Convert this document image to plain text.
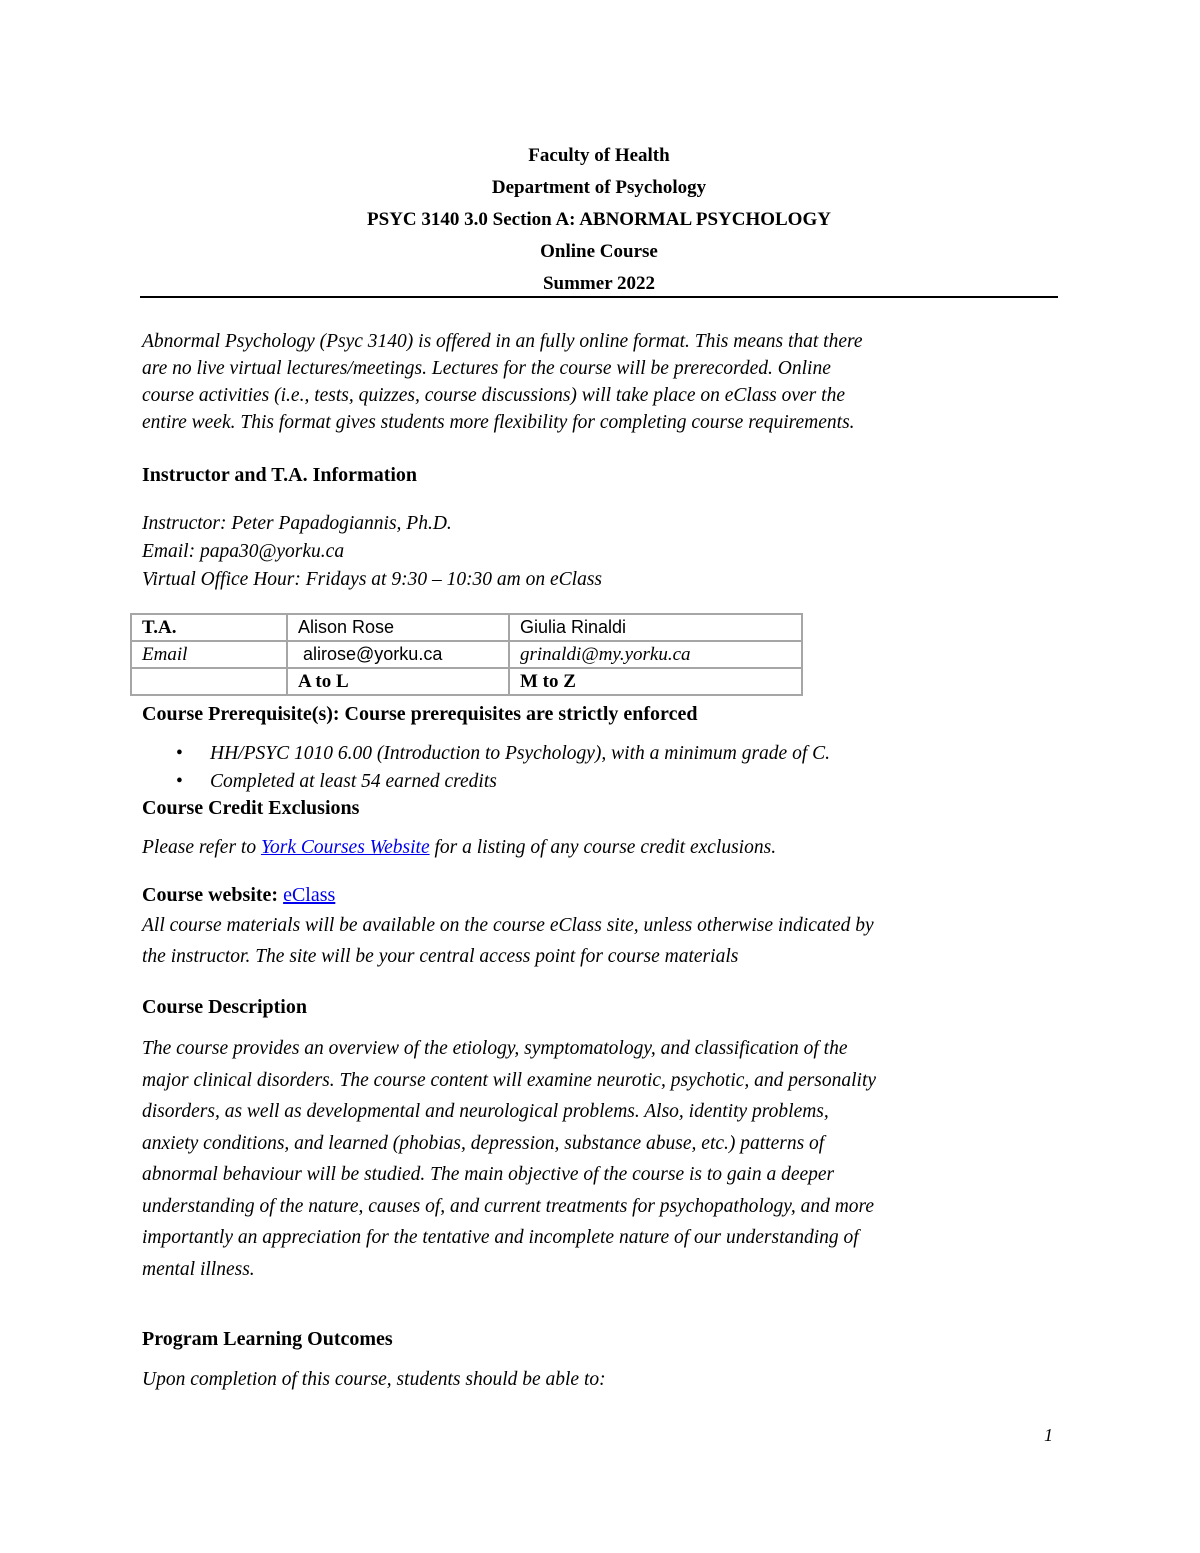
Faculty of Health
Department of Psychology
PSYC 3140 3.0 Section A: ABNORMAL PSYCHOLOGY
Online Course
Summer 2022
Abnormal Psychology (Psyc 3140) is offered in an fully online format. This means that there
are no live virtual lectures/meetings. Lectures for the course will be prerecorded. Online
course activities (i.e., tests, quizzes, course discussions) will take place on eClass over the
entire week. This format gives students more flexibility for completing course requirements.
Instructor and T.A. Information
Instructor: Peter Papadogiannis, Ph.D.
Email: papa30@yorku.ca
Virtual Office Hour: Fridays at 9:30 – 10:30 am on eClass
T.A.	Alison Rose	Giulia Rinaldi
Email	alirose@yorku.ca	grinaldi@my.yorku.ca
	A to L	M to Z
Course Prerequisite(s): Course prerequisites are strictly enforced
• HH/PSYC 1010 6.00 (Introduction to Psychology), with a minimum grade of C.
• Completed at least 54 earned credits
Course Credit Exclusions
Please refer to York Courses Website for a listing of any course credit exclusions.
Course website: eClass
All course materials will be available on the course eClass site, unless otherwise indicated by
the instructor. The site will be your central access point for course materials
Course Description
The course provides an overview of the etiology, symptomatology, and classification of the
major clinical disorders. The course content will examine neurotic, psychotic, and personality
disorders, as well as developmental and neurological problems. Also, identity problems,
anxiety conditions, and learned (phobias, depression, substance abuse, etc.) patterns of
abnormal behaviour will be studied. The main objective of the course is to gain a deeper
understanding of the nature, causes of, and current treatments for psychopathology, and more
importantly an appreciation for the tentative and incomplete nature of our understanding of
mental illness.
Program Learning Outcomes
Upon completion of this course, students should be able to:
1
